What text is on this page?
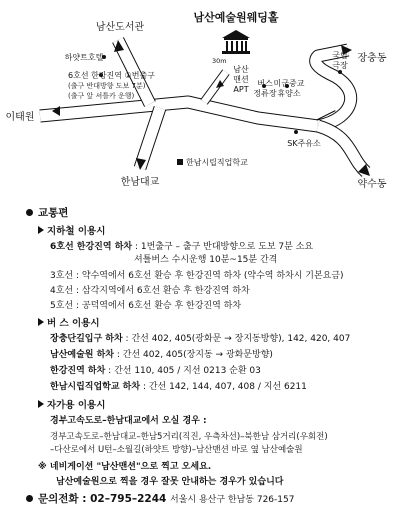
남산예술원웨딩홀
남산도서관
하얏트호텔
6호선 한강진역 ①번출구
(출구 반대방향 도보 7분)
(출구 앞 셔틀카 운행)
30m
남산
맨션
APT
버스
정류장
미군중교
휴양소
국립
극장
장충동
이태원
SK주유소
한남시립직업학교
한남대교	약수동
교통편
지하철 이용시
6호선 한강진역 하차 : 1번출구 – 출구 반대방향으로 도보 7분 소요
셔틀버스 수시운행 10분~15분 간격
3호선 : 약수역에서 6호선 환승 후 한강진역 하차 (약수역 하차시 기본요금)
4호선 : 삼각지역에서 6호선 환승 후 한강진역 하차
5호선 : 공덕역에서 6호선 환승 후 한강진역 하차
버 스 이용시
장충단길입구 하차 : 간선 402, 405(광화문 → 장지동방향), 142, 420, 407
남산예술원 하차 : 간선 402, 405(장지동 → 광화문방향)
한강진역 하차 : 간선 110, 405 / 지선 0213 순환 03
한남시립직업학교 하차 : 간선 142, 144, 407, 408 / 지선 6211
자가용 이용시
경부고속도로–한남대교에서 오실 경우 :
경부고속도로–한남대교–한남5거리(직진, 우측차선)–북한남 삼거리(우회전)
–다산로에서 U턴–소월길(하얏트 방향)–남산맨션 바로 옆 남산예술원
※ 네비게이션 "남산맨션"으로 찍고 오세요.
남산예술원으로 찍을 경우 잘못 안내하는 경우가 있습니다
문의전화 : 02–795–2244 서울시 용산구 한남동 726-157
